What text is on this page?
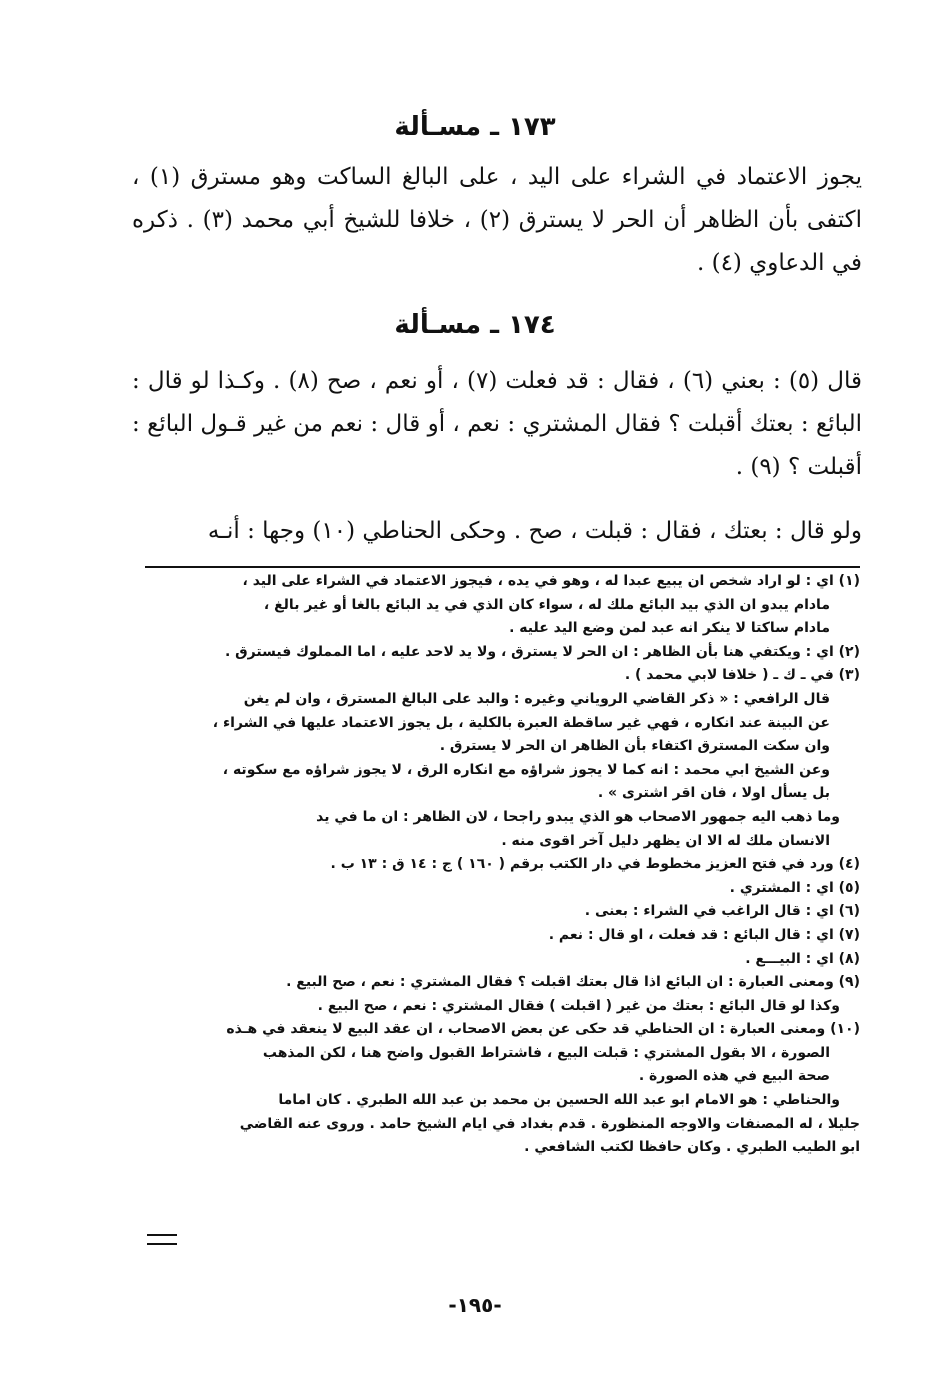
١٧٣ ـ مسـألة
يجوز الاعتماد في الشراء على اليد ، على البالغ الساكت وهو مسترق (١) ، اكتفى بأن الظاهر أن الحر لا يسترق (٢) ، خلافا للشيخ أبي محمد (٣) . ذكره في الدعاوي (٤) .
١٧٤ ـ مسـألة
قال (٥) : بعني (٦) ، فقال : قد فعلت (٧) ، أو نعم ، صح (٨) . وكـذا لو قال : البائع : بعتك أقبلت ؟ فقال المشتري : نعم ، أو قال : نعم من غير قـول البائع : أقبلت ؟ (٩) .
ولو قال : بعتك ، فقال : قبلت ، صح . وحكى الحناطي (١٠) وجها : أنـه
(١) اي : لو اراد شخص ان يبيع عبدا له ، وهو في يده ، فيجوز الاعتماد في الشراء على اليد ،
مادام يبدو ان الذي بيد البائع ملك له ، سواء كان الذي في يد البائع بالغا أو غير بالغ ،
مادام ساكتا لا ينكر انه عبد لمن وضع اليد عليه .
(٢) اي : ويكتفي هنا بأن الظاهر : ان الحر لا يسترق ، ولا يد لاحد عليه ، اما المملوك فيسترق .
(٣) في ـ ك ـ ( خلافا لابي محمد ) .
قال الرافعي : « ذكر القاضي الروياني وغيره : والبد على البالغ المسترق ، وان لم يغن
عن البينة عند انكاره ، فهي غير ساقطة العبرة بالكلية ، بل يجوز الاعتماد عليها في الشراء ،
وان سكت المسترق اكتفاء بأن الظاهر ان الحر لا يسترق .
وعن الشيخ ابي محمد : انه كما لا يجوز شراؤه مع انكاره الرق ، لا يجوز شراؤه مع سكوته ،
بل يسأل اولا ، فان اقر اشترى » .
وما ذهب اليه جمهور الاصحاب هو الذي يبدو راجحا ، لان الظاهر : ان ما في يد
الانسان ملك له الا ان يظهر دليل آخر اقوى منه .
(٤) ورد في فتح العزيز مخطوط في دار الكتب برقم ( ١٦٠ ) ج : ١٤ ق : ١٣ ب .
(٥) اي : المشتري .
(٦) اي : قال الراغب في الشراء : بعنى .
(٧) اي : قال البائع : قد فعلت ، او قال : نعم .
(٨) اي : البيـــع .
(٩) ومعنى العبارة : ان البائع اذا قال بعتك اقبلت ؟ فقال المشتري : نعم ، صح البيع .
وكذا لو قال البائع : بعتك من غير ( اقبلت ) فقال المشتري : نعم ، صح البيع .
(١٠) ومعنى العبارة : ان الحناطي قد حكى عن بعض الاصحاب ، ان عقد البيع لا ينعقد في هـذه
الصورة ، الا بقول المشتري : قبلت البيع ، فاشتراط القبول واضح هنا ، لكن المذهب
صحة البيع في هذه الصورة .
والحناطي : هو الامام ابو عبد الله الحسين بن محمد بن عبد الله الطبري . كان اماما
جليلا ، له المصنفات والاوجه المنظورة . قدم بغداد في ايام الشيخ حامد . وروى عنه القاضي
ابو الطيب الطبري . وكان حافظا لكتب الشافعي .
-١٩٥-
